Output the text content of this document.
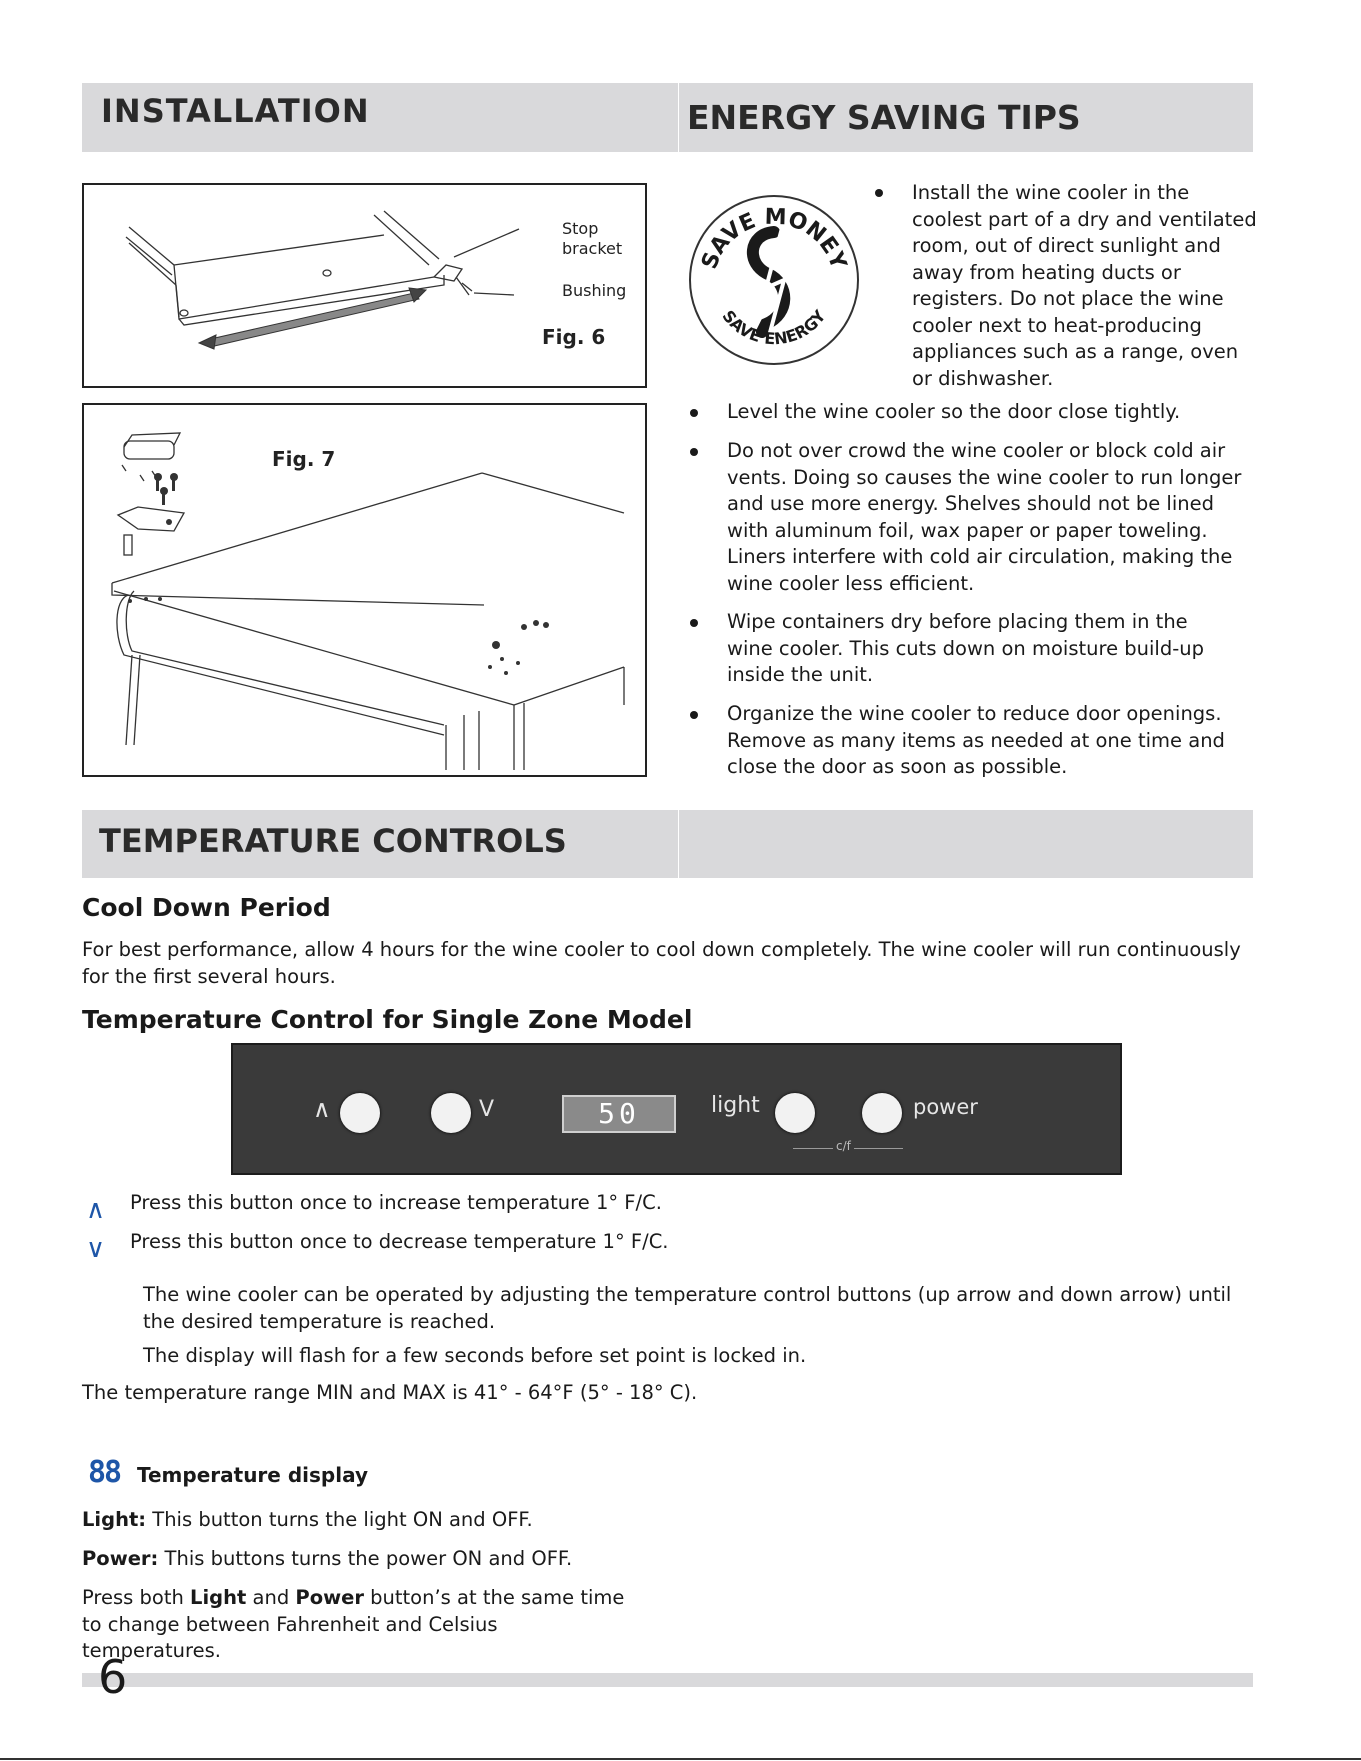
INSTALLATION	ENERGY SAVING TIPS
Stop bracket
Bushing
Fig. 6
Fig. 7
SAVE MONEY
SAVE ENERGY
Install the wine cooler in the coolest part of a dry and ventilated room, out of direct sunlight and away from heating ducts or registers. Do not place the wine cooler next to heat-producing appliances such as a range, oven or dishwasher.
Level the wine cooler so the door close tightly.
Do not over crowd the wine cooler or block cold air vents. Doing so causes the wine cooler to run longer and use more energy. Shelves should not be lined with aluminum foil, wax paper or paper toweling. Liners interfere with cold air circulation, making the wine cooler less efficient.
Wipe containers dry before placing them in the wine cooler. This cuts down on moisture build-up inside the unit.
Organize the wine cooler to reduce door openings. Remove as many items as needed at one time and close the door as soon as possible.
TEMPERATURE CONTROLS
Cool Down Period
For best performance, allow 4 hours for the wine cooler to cool down completely. The wine cooler will run continuously for the first several hours.
Temperature Control for Single Zone Model
∧	V	50	light	power
c/f
∧ Press this button once to increase temperature 1° F/C.
∨ Press this button once to decrease temperature 1° F/C.
The wine cooler can be operated by adjusting the temperature control buttons (up arrow and down arrow) until the desired temperature is reached.
The display will flash for a few seconds before set point is locked in.
The temperature range MIN and MAX is 41° - 64°F (5° - 18° C).
88 Temperature display
Light: This button turns the light ON and OFF.
Power: This buttons turns the power ON and OFF.
Press both Light and Power button’s at the same time to change between Fahrenheit and Celsius temperatures.
6
